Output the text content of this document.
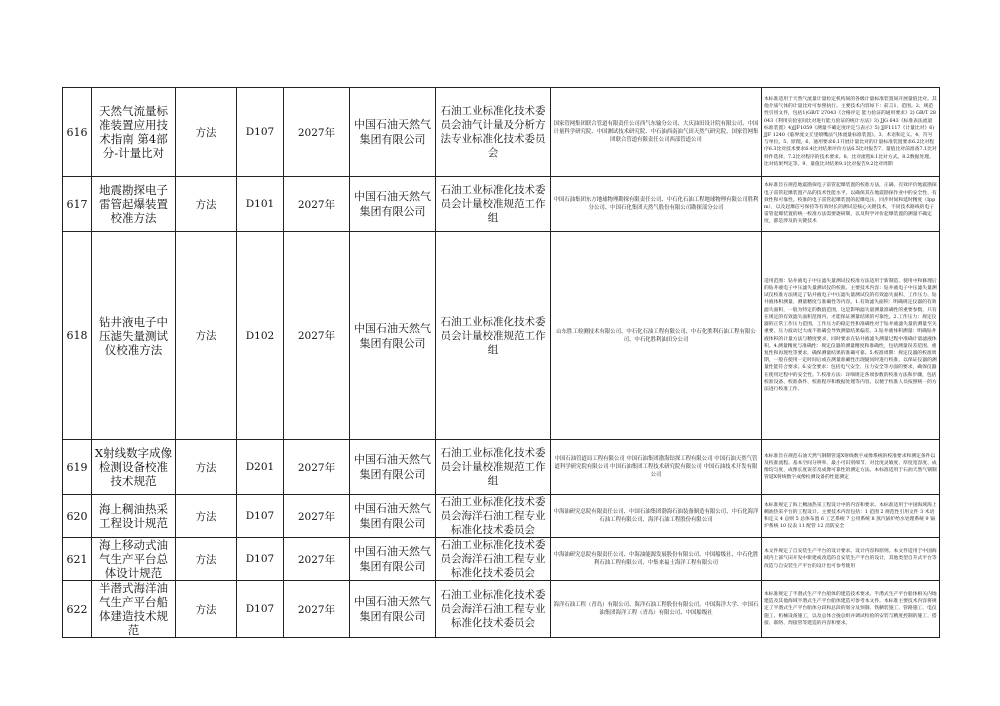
616	天然气流量标准装置应用技术指南 第4部分-计量比对	方法	D107	2027年	中国石油天然气集团有限公司	石油工业标准化技术委员会油气计量及分析方法专业标准化技术委员会	国家管网集团联合管道有限责任公司西气东输分公司、大庆油田设计院有限公司、中国计量科学研究院、中国测试技术研究院、中石油西南油气田天然气研究院、国家管网集团联合管道有限责任公司西部管道公司	本标准适用于天然气流量计量检定机构间的各级计量标准装置间开展量值比对。其他介质气体的计量比对可参照执行。主要技术内容如下：前言1、范围。2、规范性引用文件，包括1)GB/T 27043《合格评定 能力验证的通用要求》2) GB/T 28043《利用实验室间比对进行能力验证的统计方法》3) JJG 643《标准表法流量标准装置》4)JJF1059《测量不确定度评定与表示》5) JJF1117《计量比对》6) JJF 1240《临界流文丘里喷嘴法气体流量标准装置》。3、术语和定义。4、符号与单位。5、原理。6、通用要求6.1开展计量比对的计量标准装置要求6.2比对程序6.3比对技术要求6.4比对结果评价方法6.5比对报告7、量值比对前准备7.1比对样件选择，7.2比对程序的技术要求。8、比对流程8.1比对方式。8.2数据处理。比对结果判定等。9、量值比对结果9.1比对报告9.2比对周期
617	地震勘探电子雷管起爆装置校准方法	方法	D101	2027年	中国石油天然气集团有限公司	石油工业标准化技术委员会计量校准规范工作组	中国石油集团东方地球物理勘探有限责任公司、中石化石油工程地球物理有限公司胜利分公司、中国石化集团天然气股份有限公司勘探部分公司	本标准旨在规范地震勘探电子雷管起爆装置的校准方法，正确、有效评价地震勘探电子雷管起爆装置产品的技术性能水平，以确保其在地震勘探作业中的安全性、有效性和可靠性。校准的电子雷管起爆装置的起爆电压、同步时间和延时精度（Ippm），以及起爆信号保持等有效时长的测试是核心关键技术，不同技术路线的电子雷管起爆装置的统一校准方法需要逐研制，以及科学评价起爆装置的测量不确定度，都是涉及的关键技术
618	钻井液电子中压滤失量测试仪校准方法	方法	D102	2027年	中国石油天然气集团有限公司	石油工业标准化技术委员会计量校准规范工作组	山东胜工检测技术有限公司、中石化石油工程有限公司、中石化胜利石油工程有限公司、中石化胜利油田分公司	适用范围：钻井液电子中压滤失量测试仪校准方法适用于新制造、使用中和修理后的钻井液电子中压滤失量测试仪的校准。主要技术内容：钻井液电子中压滤失量测试仪校准方法规定了钻井液电子中压滤失量测试仪的有效滤失面积、工作压力、钻井液体积测量、测量精度与准确性等内容。1.有效滤失面积：明确规定仪器的有效滤失面积，一般为特定的数值范围，这是影响滤失量测量准确性的重要参数，只有在规定的有效滤失面积范围内，才能保证测量结果的可靠性。2.工作压力：规定仪器的正常工作压力范围，工作压力的稳定性和准确性对于钻井液滤失量的测量至关重要，压力波动过大或不准确会导致测量结果偏差。3.钻井液体积测量：明确钻井液体积的计量方法与精度要求，同时要求在钻井液滤失测量过程中准确计量滤液体积。4.测量精度与准确性：规定仪器的测量精度和准确性，包括测量误差范围、重复性和再现性等要求，确保测量结果的准确可靠。5.校准周期：规定仪器的校准周期，一般在使用一定时间后或在测量准确性出现疑问时进行校准，以保证仪器的测量性能符合要求。6.安全要求：包括电气安全、压力安全等方面的要求，确保仪器在使用过程中的安全性。7.校准方法：详细规定各项参数的校准方法和步骤，包括校准设备、校准条件、校准程序和数据处理等内容，以便于校准人员按照统一的方法进行校准工作。
619	X射线数字成像检测设备校准技术规范	方法	D201	2027年	中国石油天然气集团有限公司	石油工业标准化技术委员会计量校准规范工作组	中国石油管道局工程有限公司 中国石油集团渤海钻探工程有限公司 中国石油天然气管道科学研究院有限公司 中国石油集团工程技术研究院有限公司 中国石油技术开发有限公司	本标准旨在规范石油天然气钢制管道X射线数字成像系统的校准要求和测定条件以及校准流程。基本空间分辨率、最小可识别细节、对比度灵敏度、厚度宽容度、成像均匀度、成像长度误差及成像可靠性的测定方法。本标准适用于石油天然气钢制管道X射线数字成像检测设备的性能测定
620	海上稠油热采工程设计规范	方法	D107	2027年	中国石油天然气集团有限公司	石油工业标准化技术委员会海洋石油工程专业标准化技术委员会	中海油研究总院有限责任公司、中国石油集团渤海石油装备制造有限公司、中石化海洋石油工程有限公司、海洋石油工程股份有限公司	本标准规定了海上稠油热采工程设计中的内容和要求。本标准适用于中国海域海上稠油热采平台的工程设计。主要技术内容包括：1 范围 2 规范性引用文件 3 术语和定义 4 总则 5 总体布置 6 工艺系统 7 公用系统 8 蒸汽锅炉给水处理系统 9 锅炉系统 10 仪表 11 配管 12 消防安全
621	海上移动式油气生产平台总体设计规范	方法	D107	2027年	中国石油天然气集团有限公司	石油工业标准化技术委员会海洋石油工程专业标准化技术委员会	中海油研究总院有限责任公司、中海油能源发展股份有限公司、中国船级社、中石化胜利石油工程有限公司、中集来福士海洋工程有限公司	本文件规定了自安装生产平台的设计要求。设计内容和原则。本文件适用于中国海域内上部气田开发中新建或改造的自安装生产平台的设计，其他类型自升式平台等改造与自安装生产平台的设计也可参考使用
622	半潜式海洋油气生产平台船体建造技术规范	方法	D107	2027年	中国石油天然气集团有限公司	石油工业标准化技术委员会海洋石油工程专业标准化技术委员会	海洋石油工程（青岛）有限公司、海洋石油工程股份有限公司、中国海洋大学、中国石油集团海洋工程（青岛）有限公司、中国船级社	本标准规定了半潜式生产平台船体的建造技术要求。半潜式生产平台船体相关内地建造及其他海域半潜式生产平台船体建造可参考本文件。本标准主要技术内容将规定了半潜式生产平台船体分段和总段的划分及预制、铁舾装施工、管路施工、电仪施工、机械设备施工，以及总体合拢总组并调试检验的安装与精度控制的施工、搭接、联络、焊接管等建造的内容和要求。
